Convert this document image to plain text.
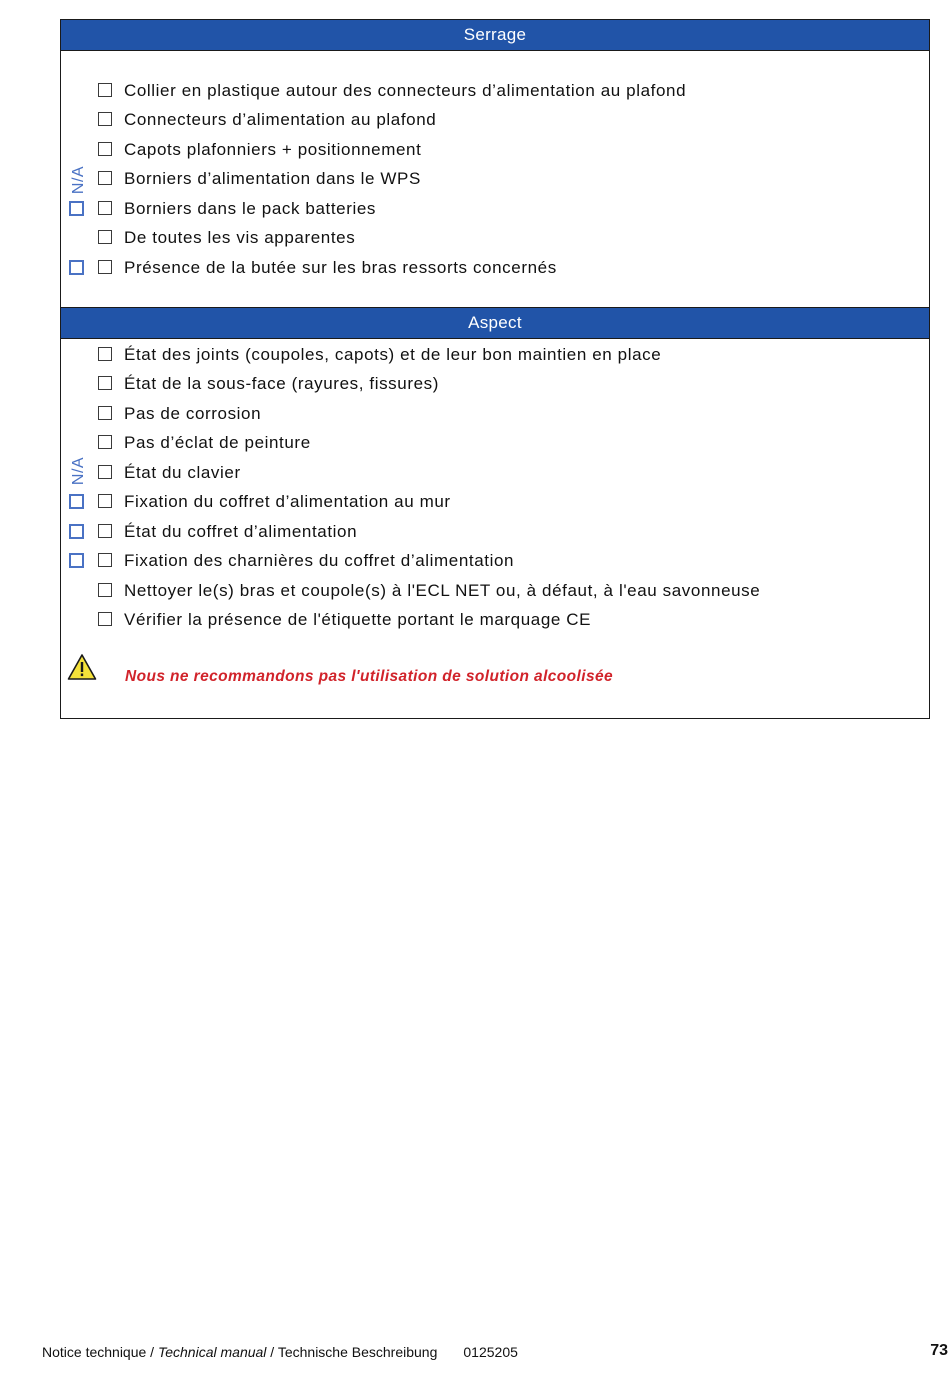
Serrage
N/A
Collier en plastique autour des connecteurs d’alimentation au plafond
Connecteurs d’alimentation au plafond
Capots plafonniers + positionnement
Borniers d’alimentation dans le WPS
Borniers dans le pack batteries
De toutes les vis apparentes
Présence de la butée sur les bras ressorts concernés
Aspect
N/A
État des joints (coupoles, capots) et de leur bon maintien en place
État de la sous-face (rayures, fissures)
Pas de corrosion
Pas d’éclat de peinture
État du clavier
Fixation du coffret d’alimentation au mur
État du coffret d’alimentation
Fixation des charnières du coffret d’alimentation
Nettoyer le(s) bras et coupole(s) à l'ECL NET ou, à défaut, à l'eau savonneuse
Vérifier la présence de l'étiquette portant le marquage CE
Nous ne recommandons pas l'utilisation de solution alcoolisée
Notice technique / Technical manual / Technische Beschreibung 0125205	73
